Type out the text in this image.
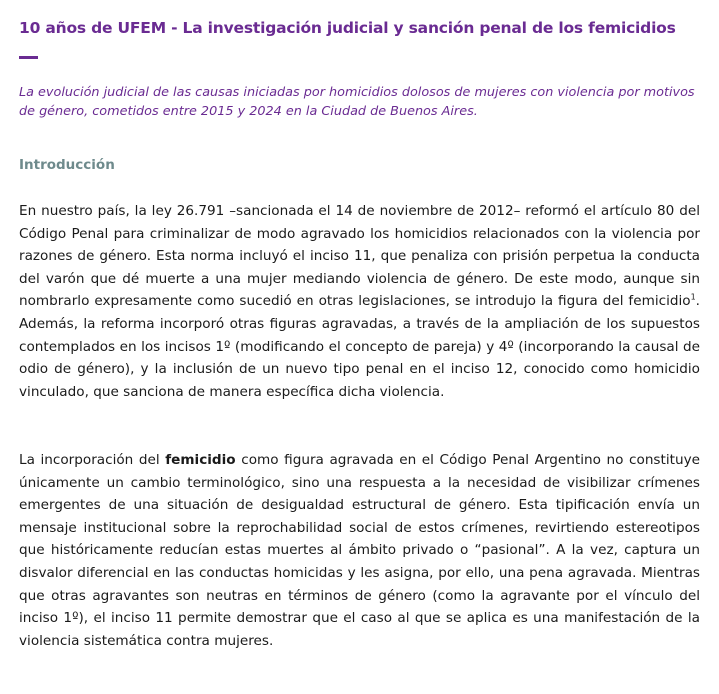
10 años de UFEM - La investigación judicial y sanción penal de los femicidios

La evolución judicial de las causas iniciadas por homicidios dolosos de mujeres con violencia por motivos de género, cometidos entre 2015 y 2024 en la Ciudad de Buenos Aires.

Introducción

En nuestro país, la ley 26.791 –sancionada el 14 de noviembre de 2012– reformó el artículo 80 del Código Penal para criminalizar de modo agravado los homicidios relacionados con la violencia por razones de género. Esta norma incluyó el inciso 11, que penaliza con prisión perpetua la conducta del varón que dé muerte a una mujer mediando violencia de género. De este modo, aunque sin nombrarlo expresamente como sucedió en otras legislaciones, se introdujo la figura del femicidio$^1$. Además, la reforma incorporó otras figuras agravadas, a través de la ampliación de los supuestos contemplados en los incisos 1º (modificando el concepto de pareja) y 4º (incorporando la causal de odio de género), y la inclusión de un nuevo tipo penal en el inciso 12, conocido como homicidio vinculado, que sanciona de manera específica dicha violencia.

La incorporación del femicidio como figura agravada en el Código Penal Argentino no constituye únicamente un cambio terminológico, sino una respuesta a la necesidad de visibilizar crímenes emergentes de una situación de desigualdad estructural de género. Esta tipificación envía un mensaje institucional sobre la reprochabilidad social de estos crímenes, revirtiendo estereotipos que históricamente reducían estas muertes al ámbito privado o “pasional”. A la vez, captura un disvalor diferencial en las conductas homicidas y les asigna, por ello, una pena agravada. Mientras que otras agravantes son neutras en términos de género (como la agravante por el vínculo del inciso 1º), el inciso 11 permite demostrar que el caso al que se aplica es una manifestación de la violencia sistemática contra mujeres.
